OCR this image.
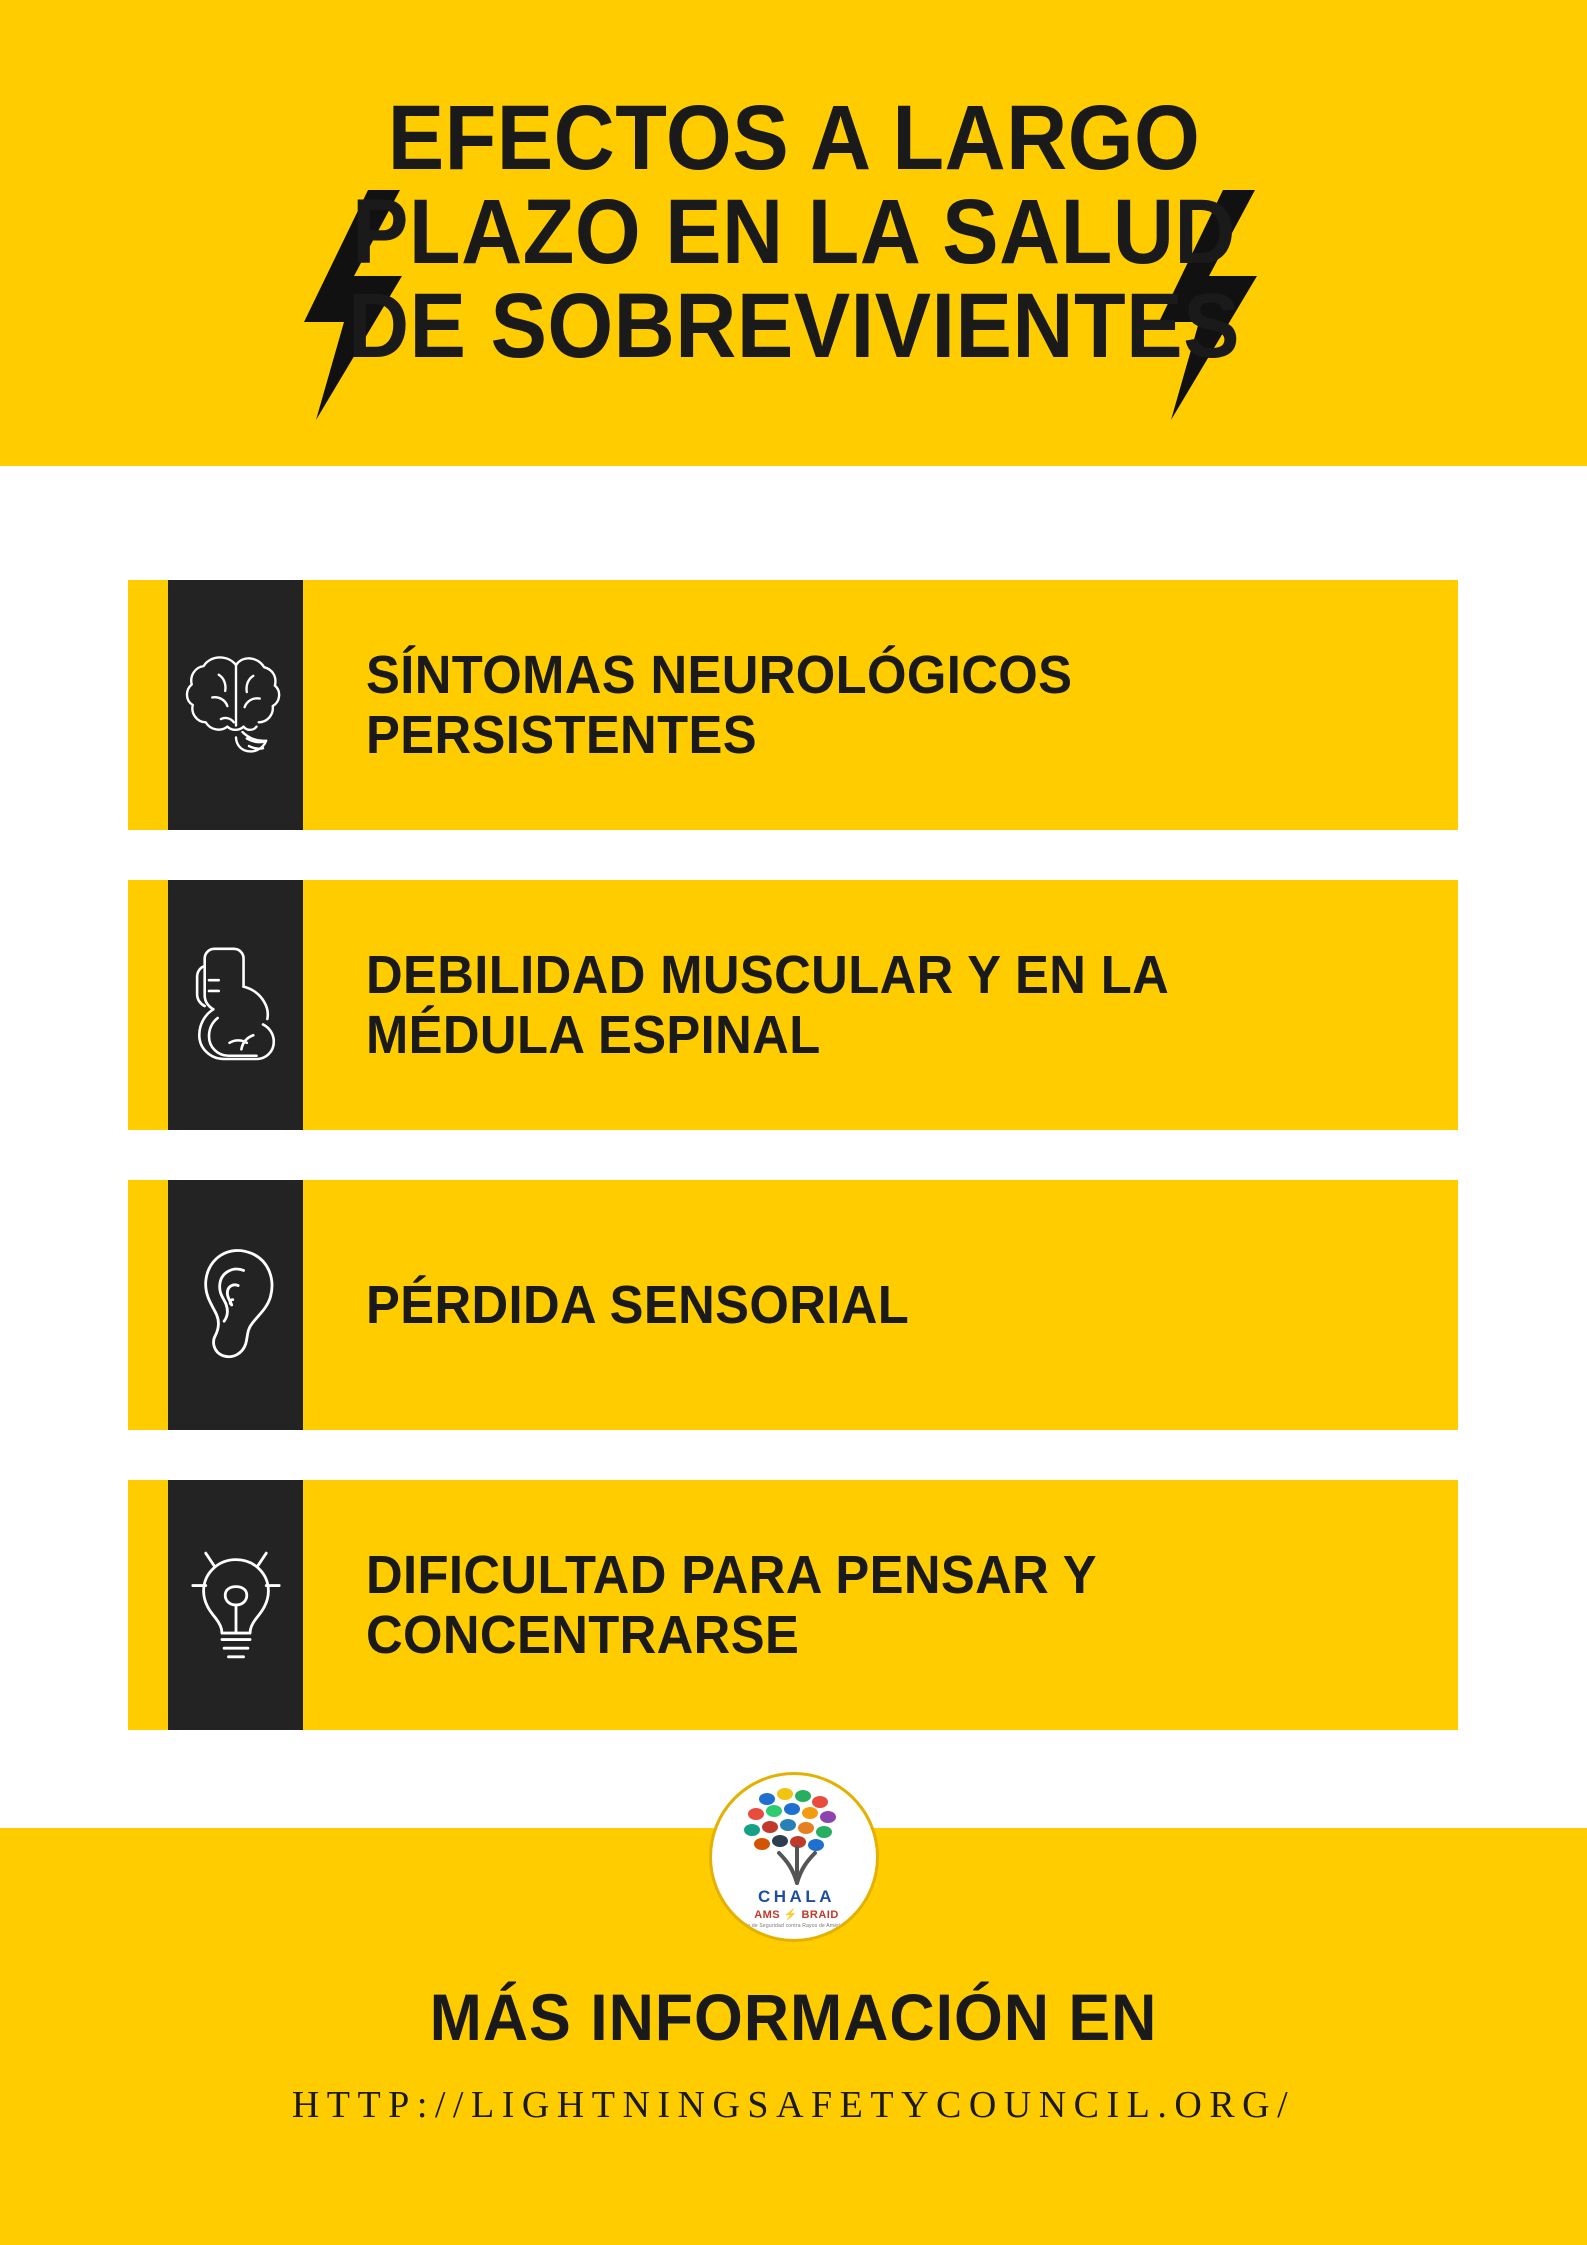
EFECTOS A LARGO PLAZO EN LA SALUD DE SOBREVIVIENTES
SÍNTOMAS NEUROLÓGICOS PERSISTENTES
DEBILIDAD MUSCULAR Y EN LA MÉDULA ESPINAL
PÉRDIDA SENSORIAL
DIFICULTAD PARA PENSAR Y CONCENTRARSE
MÁS INFORMACIÓN EN
HTTP://LIGHTNINGSAFETYCOUNCIL.ORG/
CHALA
AMS ⚡ BRAID
Consejo de Seguridad contra Rayos de América Latina
